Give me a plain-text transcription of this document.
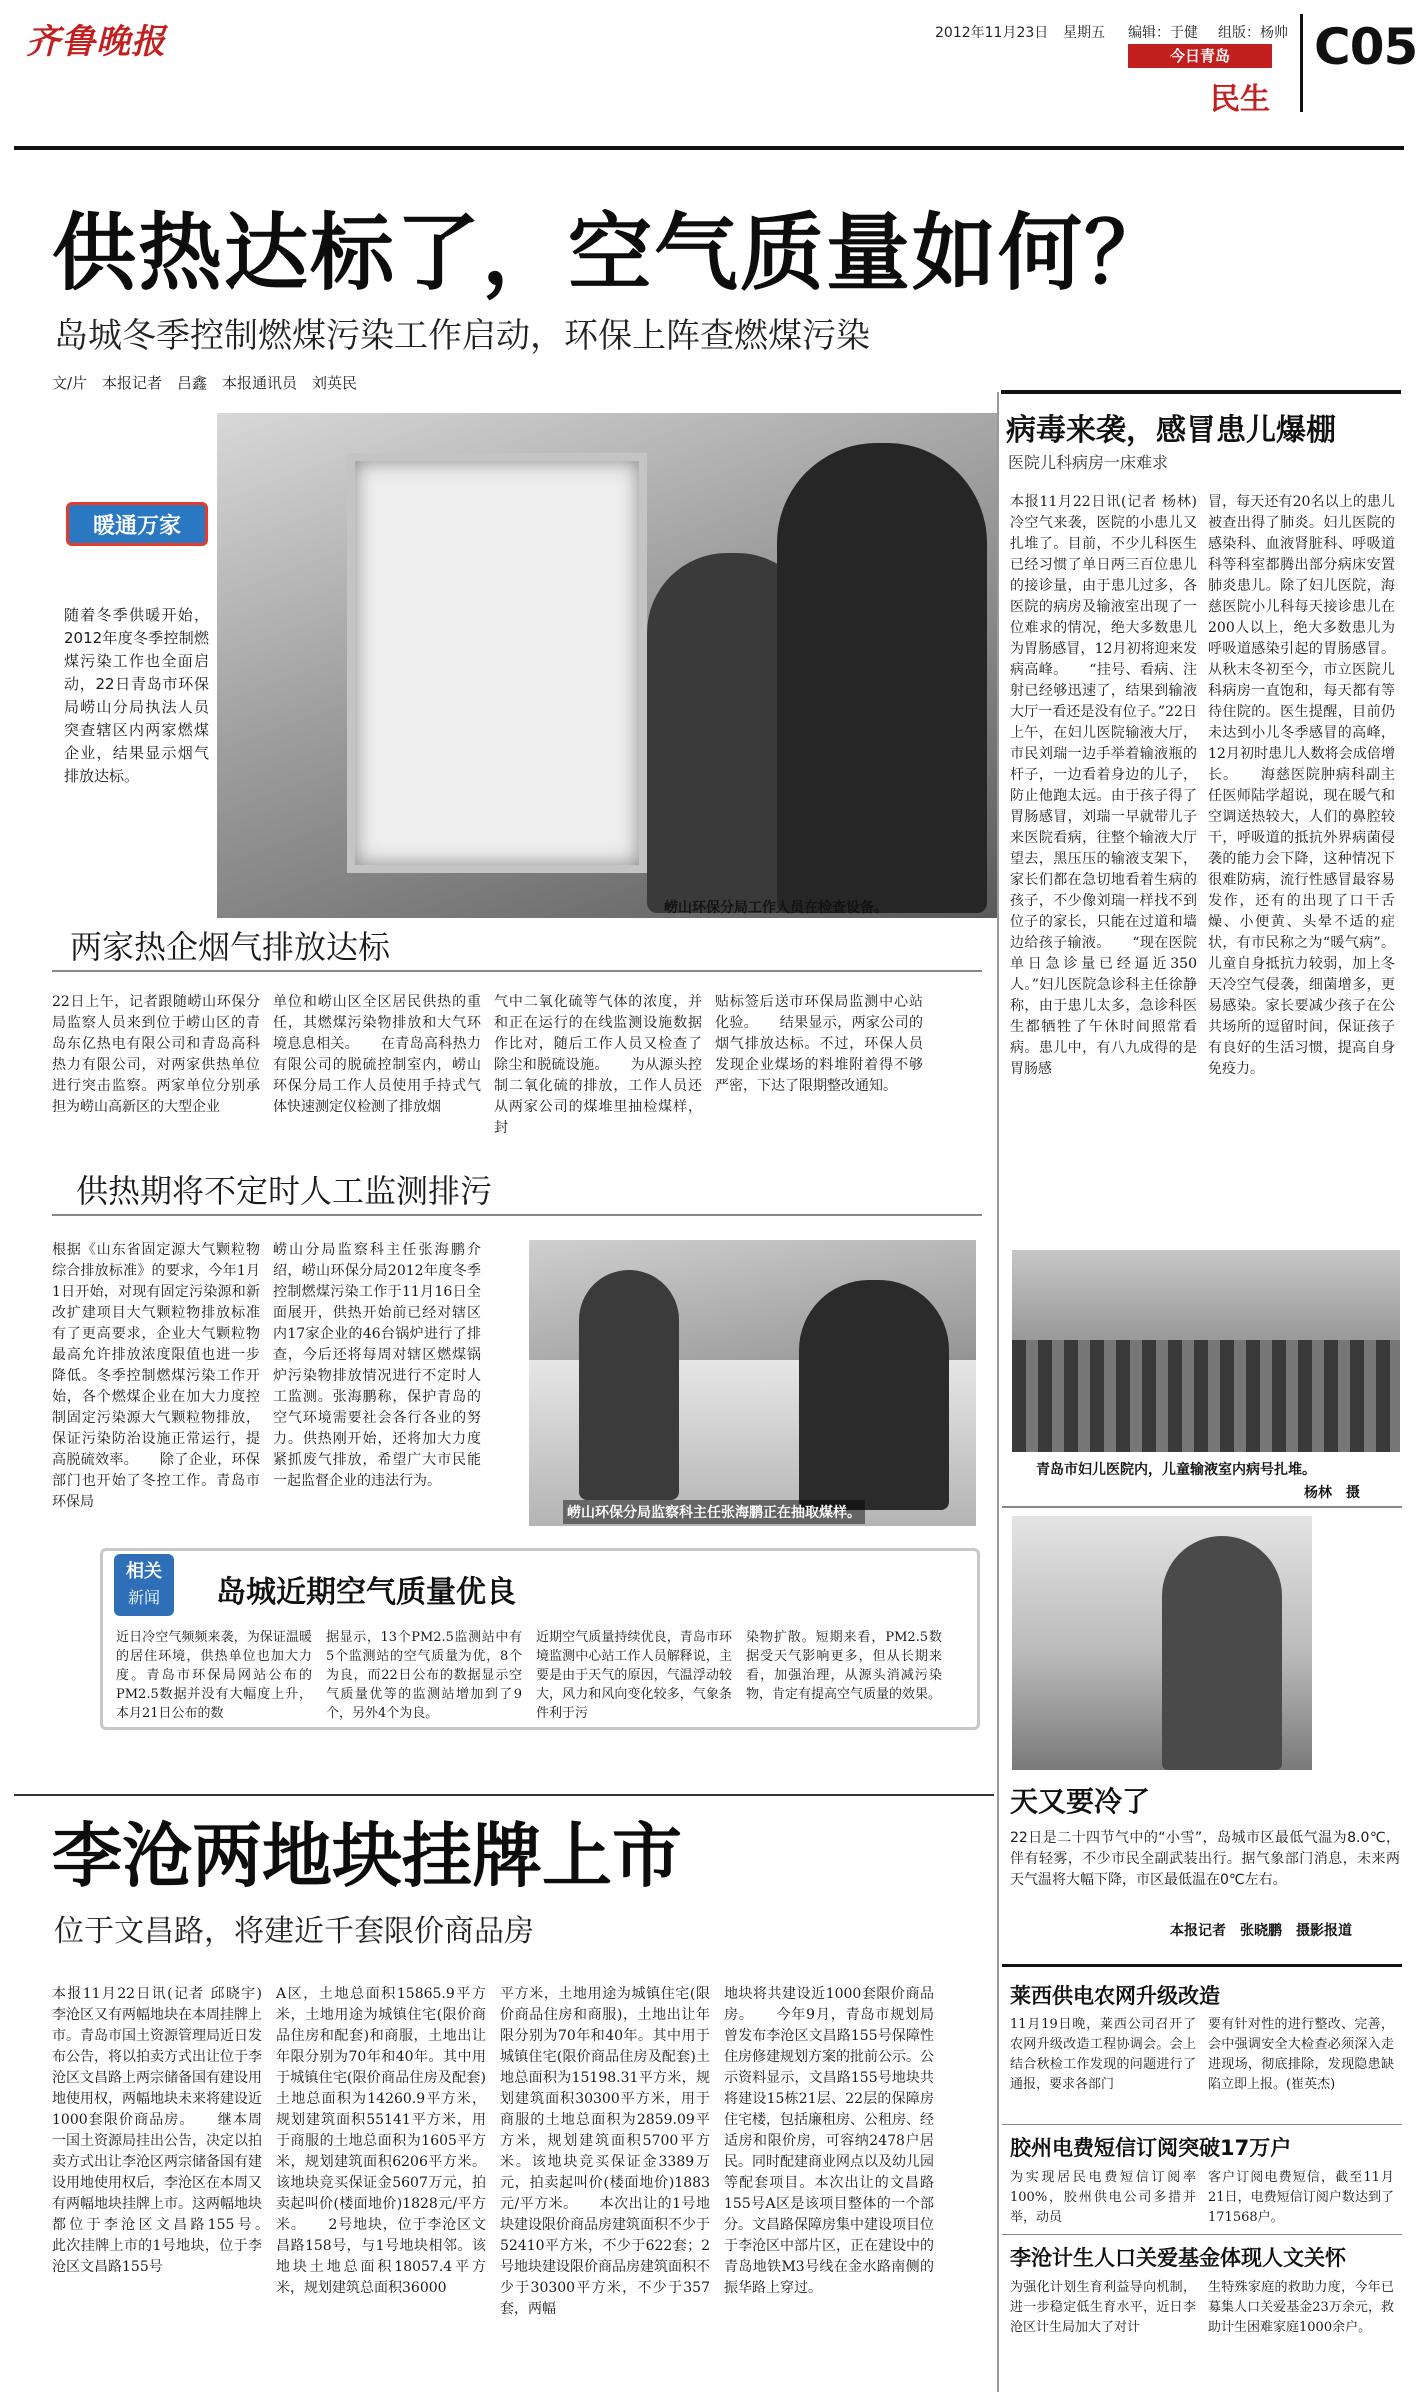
齐鲁晚报	2012年11月23日 星期五 编辑：于健 组版：杨帅
今日青岛
民生
C05
供热达标了，空气质量如何？
岛城冬季控制燃煤污染工作启动，环保上阵查燃煤污染
文/片　本报记者　吕鑫　本报通讯员　刘英民
暖通万家
随着冬季供暖开始，2012年度冬季控制燃煤污染工作也全面启动，22日青岛市环保局崂山分局执法人员突查辖区内两家燃煤企业，结果显示烟气排放达标。
崂山环保分局工作人员在检查设备。
两家热企烟气排放达标
22日上午，记者跟随崂山环保分局监察人员来到位于崂山区的青岛东亿热电有限公司和青岛高科热力有限公司，对两家供热单位进行突击监察。两家单位分别承担为崂山高新区的大型企业
单位和崂山区全区居民供热的重任，其燃煤污染物排放和大气环境息息相关。　　在青岛高科热力有限公司的脱硫控制室内，崂山环保分局工作人员使用手持式气体快速测定仪检测了排放烟
气中二氧化硫等气体的浓度，并和正在运行的在线监测设施数据作比对，随后工作人员又检查了除尘和脱硫设施。　　为从源头控制二氧化硫的排放，工作人员还从两家公司的煤堆里抽检煤样，封
贴标签后送市环保局监测中心站化验。　　结果显示，两家公司的烟气排放达标。不过，环保人员发现企业煤场的料堆附着得不够严密，下达了限期整改通知。
供热期将不定时人工监测排污
根据《山东省固定源大气颗粒物综合排放标准》的要求，今年1月1日开始，对现有固定污染源和新改扩建项目大气颗粒物排放标准有了更高要求，企业大气颗粒物最高允许排放浓度限值也进一步降低。冬季控制燃煤污染工作开始，各个燃煤企业在加大力度控制固定污染源大气颗粒物排放，保证污染防治设施正常运行，提高脱硫效率。　　除了企业，环保部门也开始了冬控工作。青岛市环保局
崂山分局监察科主任张海鹏介绍，崂山环保分局2012年度冬季控制燃煤污染工作于11月16日全面展开，供热开始前已经对辖区内17家企业的46台锅炉进行了排查，今后还将每周对辖区燃煤锅炉污染物排放情况进行不定时人工监测。张海鹏称，保护青岛的空气环境需要社会各行各业的努力。供热刚开始，还将加大力度紧抓废气排放，希望广大市民能一起监督企业的违法行为。
崂山环保分局监察科主任张海鹏正在抽取煤样。
相关
新闻	岛城近期空气质量优良
近日冷空气频频来袭，为保证温暖的居住环境，供热单位也加大力度。青岛市环保局网站公布的PM2.5数据并没有大幅度上升，本月21日公布的数
据显示，13个PM2.5监测站中有5个监测站的空气质量为优，8个为良，而22日公布的数据显示空气质量优等的监测站增加到了9个，另外4个为良。
近期空气质量持续优良，青岛市环境监测中心站工作人员解释说，主要是由于天气的原因，气温浮动较大，风力和风向变化较多，气象条件利于污
染物扩散。短期来看，PM2.5数据受天气影响更多，但从长期来看，加强治理，从源头消减污染物，肯定有提高空气质量的效果。
李沧两地块挂牌上市
位于文昌路，将建近千套限价商品房
本报11月22日讯(记者 邱晓宇)　李沧区又有两幅地块在本周挂牌上市。青岛市国土资源管理局近日发布公告，将以拍卖方式出让位于李沧区文昌路上两宗储备国有建设用地使用权，两幅地块未来将建设近1000套限价商品房。　　继本周一国土资源局挂出公告，决定以拍卖方式出让李沧区两宗储备国有建设用地使用权后，李沧区在本周又有两幅地块挂牌上市。这两幅地块都位于李沧区文昌路155号。　　此次挂牌上市的1号地块，位于李沧区文昌路155号
A区，土地总面积15865.9平方米，土地用途为城镇住宅(限价商品住房和配套)和商服，土地出让年限分别为70年和40年。其中用于城镇住宅(限价商品住房及配套)土地总面积为14260.9平方米，规划建筑面积55141平方米，用于商服的土地总面积为1605平方米，规划建筑面积6206平方米。该地块竞买保证金5607万元，拍卖起叫价(楼面地价)1828元/平方米。　　2号地块，位于李沧区文昌路158号，与1号地块相邻。该地块土地总面积18057.4平方米，规划建筑总面积36000
平方米，土地用途为城镇住宅(限价商品住房和商服)，土地出让年限分别为70年和40年。其中用于城镇住宅(限价商品住房及配套)土地总面积为15198.31平方米，规划建筑面积30300平方米，用于商服的土地总面积为2859.09平方米，规划建筑面积5700平方米。该地块竞买保证金3389万元，拍卖起叫价(楼面地价)1883元/平方米。　　本次出让的1号地块建设限价商品房建筑面积不少于52410平方米，不少于622套；2号地块建设限价商品房建筑面积不少于30300平方米，不少于357套，两幅
地块将共建设近1000套限价商品房。　　今年9月，青岛市规划局曾发布李沧区文昌路155号保障性住房修建规划方案的批前公示。公示资料显示，文昌路155号地块共将建设15栋21层、22层的保障房住宅楼，包括廉租房、公租房、经适房和限价房，可容纳2478户居民。同时配建商业网点以及幼儿园等配套项目。本次出让的文昌路155号A区是该项目整体的一个部分。文昌路保障房集中建设项目位于李沧区中部片区，正在建设中的青岛地铁M3号线在金水路南侧的振华路上穿过。
病毒来袭，感冒患儿爆棚
医院儿科病房一床难求
本报11月22日讯(记者 杨林)　冷空气来袭，医院的小患儿又扎堆了。目前，不少儿科医生已经习惯了单日两三百位患儿的接诊量，由于患儿过多，各医院的病房及输液室出现了一位难求的情况，绝大多数患儿为胃肠感冒，12月初将迎来发病高峰。　　“挂号、看病、注射已经够迅速了，结果到输液大厅一看还是没有位子。”22日上午，在妇儿医院输液大厅，市民刘瑞一边手举着输液瓶的杆子，一边看着身边的儿子，防止他跑太远。由于孩子得了胃肠感冒，刘瑞一早就带儿子来医院看病，往整个输液大厅望去，黑压压的输液支架下，家长们都在急切地看着生病的孩子，不少像刘瑞一样找不到位子的家长，只能在过道和墙边给孩子输液。　　“现在医院单日急诊量已经逼近350人。”妇儿医院急诊科主任徐静称，由于患儿太多，急诊科医生都牺牲了午休时间照常看病。患儿中，有八九成得的是胃肠感
冒，每天还有20名以上的患儿被查出得了肺炎。妇儿医院的感染科、血液肾脏科、呼吸道科等科室都腾出部分病床安置肺炎患儿。除了妇儿医院，海慈医院小儿科每天接诊患儿在200人以上，绝大多数患儿为呼吸道感染引起的胃肠感冒。从秋末冬初至今，市立医院儿科病房一直饱和，每天都有等待住院的。医生提醒，目前仍未达到小儿冬季感冒的高峰，12月初时患儿人数将会成倍增长。　　海慈医院肿病科副主任医师陆学超说，现在暖气和空调送热较大，人们的鼻腔较干，呼吸道的抵抗外界病菌侵袭的能力会下降，这种情况下很难防病，流行性感冒最容易发作，还有的出现了口干舌燥、小便黄、头晕不适的症状，有市民称之为“暖气病”。儿童自身抵抗力较弱，加上冬天冷空气侵袭，细菌增多，更易感染。家长要减少孩子在公共场所的逗留时间，保证孩子有良好的生活习惯，提高自身免疫力。
青岛市妇儿医院内，儿童输液室内病号扎堆。
杨林　摄
天又要冷了
22日是二十四节气中的“小雪”，岛城市区最低气温为8.0℃，伴有轻雾，不少市民全副武装出行。据气象部门消息，未来两天气温将大幅下降，市区最低温在0℃左右。
本报记者　张晓鹏　摄影报道
莱西供电农网升级改造
11月19日晚，莱西公司召开了农网升级改造工程协调会。会上结合秋检工作发现的问题进行了通报，要求各部门
要有针对性的进行整改、完善，会中强调安全大检查必须深入走进现场，彻底排除，发现隐患缺陷立即上报。(崔英杰)
胶州电费短信订阅突破17万户
为实现居民电费短信订阅率100%，胶州供电公司多措并举，动员
客户订阅电费短信，截至11月21日，电费短信订阅户数达到了171568户。
李沧计生人口关爱基金体现人文关怀
为强化计划生育利益导向机制，进一步稳定低生育水平，近日李沧区计生局加大了对计
生特殊家庭的救助力度，今年已募集人口关爱基金23万余元，救助计生困难家庭1000余户。
